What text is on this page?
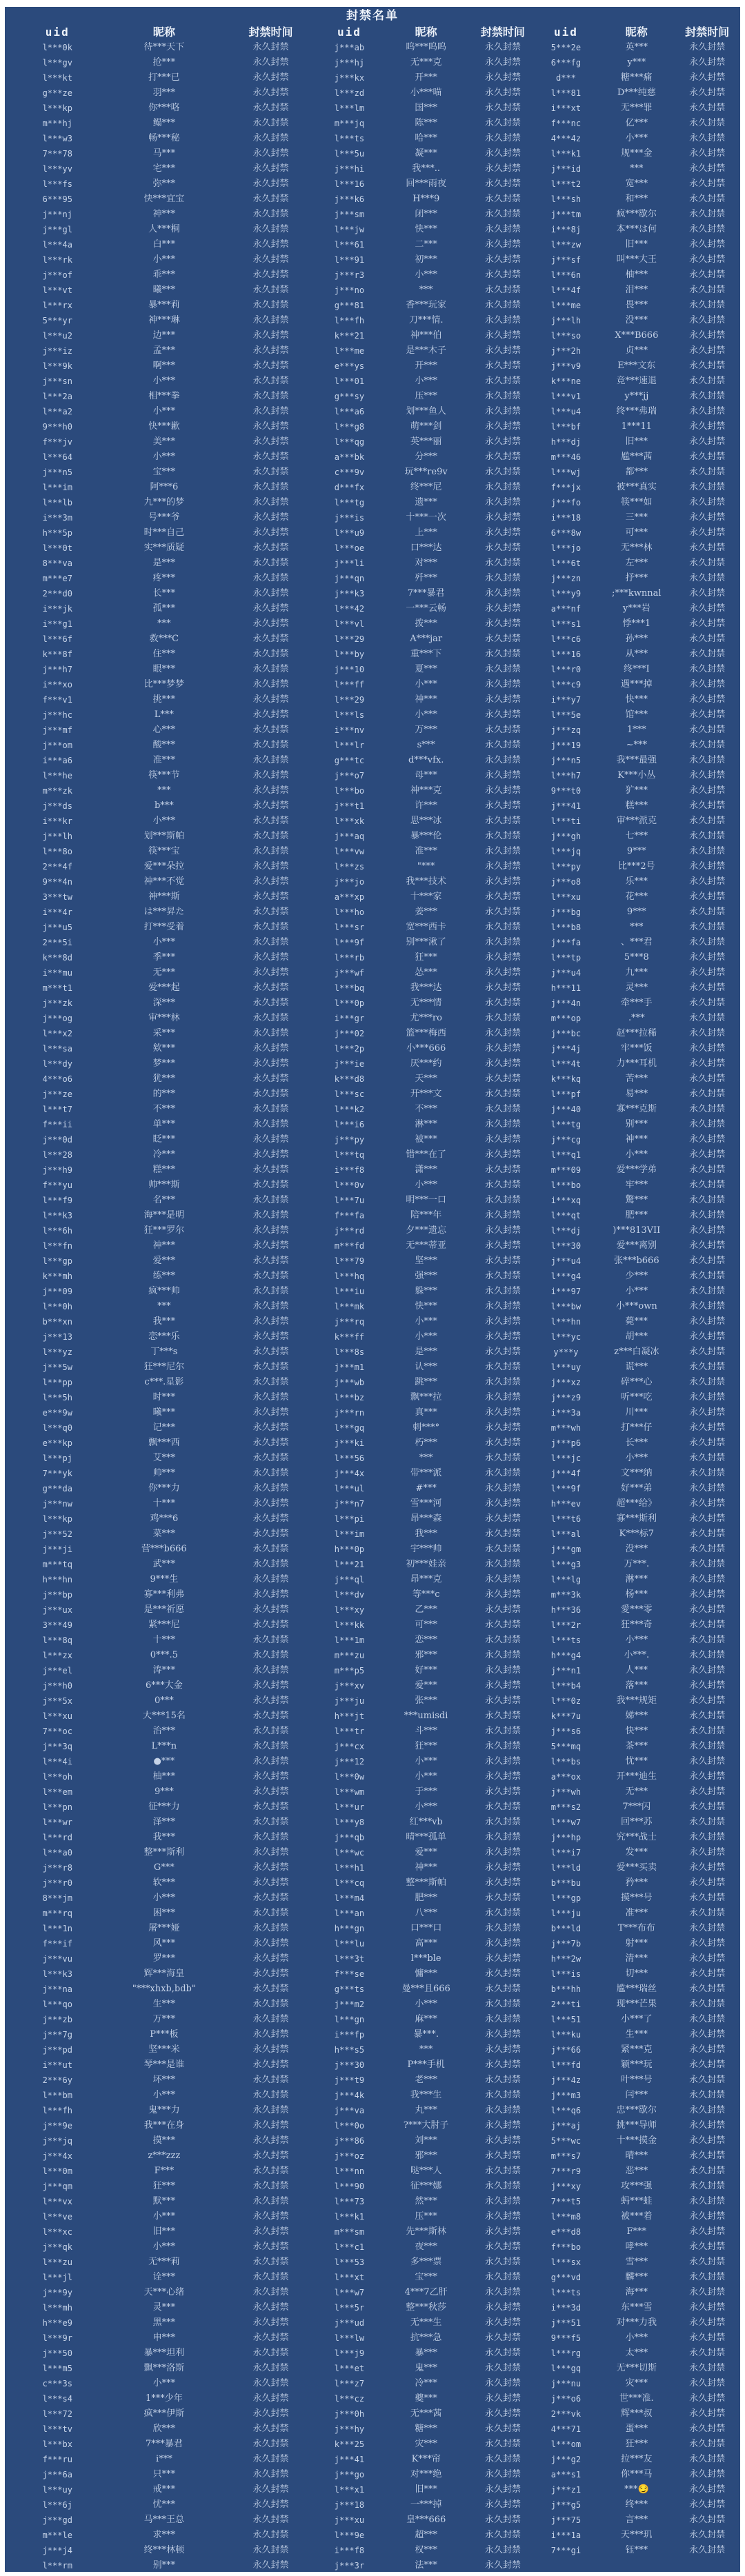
封禁名单
uid	昵称	封禁时间
l***0k	待***天下	永久封禁
l***gv	抢***	永久封禁
l***kt	打***已	永久封禁
g***ze	羽***	永久封禁
l***kp	你***咯	永久封禁
m***hj	鳎***	永久封禁
l***w3	畅***秘	永久封禁
7***78	马***	永久封禁
l***yv	宅***	永久封禁
l***fs	弥***	永久封禁
6***95	快***宜宝	永久封禁
j***nj	神***	永久封禁
j***gl	人***桐	永久封禁
l***4a	白***	永久封禁
l***rk	小***	永久封禁
j***of	乖***	永久封禁
l***vt	曦***	永久封禁
l***rx	暴***莉	永久封禁
5***yr	神***琳	永久封禁
l***u2	边***	永久封禁
j***iz	孟***	永久封禁
l***9k	啊***	永久封禁
j***sn	小***	永久封禁
l***2a	相***拳	永久封禁
l***a2	小***	永久封禁
9***h0	快***歉	永久封禁
f***jv	美***	永久封禁
l***64	小***	永久封禁
j***n5	宝***	永久封禁
l***im	阿***6	永久封禁
l***lb	九***的梦	永久封禁
i***3m	号***爷	永久封禁
h***5p	时***自己	永久封禁
l***0t	实***质疑	永久封禁
8***va	是***	永久封禁
m***e7	疼***	永久封禁
2***d0	长***	永久封禁
i***jk	孤***	永久封禁
i***g1	***	永久封禁
l***6f	救***C	永久封禁
k***8f	住***	永久封禁
j***h7	眼***	永久封禁
i***xo	比***梦梦	永久封禁
f***v1	挑***	永久封禁
j***hc	L***	永久封禁
j***mf	心***	永久封禁
j***om	酸***	永久封禁
i***a6	准***	永久封禁
l***he	筷***节	永久封禁
m***zk	***	永久封禁
j***ds	b***	永久封禁
i***kr	小***	永久封禁
j***lh	划***斯帕	永久封禁
l***8o	筷***宝	永久封禁
2***4f	爱***朵拉	永久封禁
9***4n	神***不觉	永久封禁
3***tw	神***斯	永久封禁
i***4r	は***昇た	永久封禁
j***u5	打***受着	永久封禁
2***5i	小***	永久封禁
k***8d	季***	永久封禁
i***mu	无***	永久封禁
m***t1	爱***起	永久封禁
j***zk	深***	永久封禁
j***og	审***林	永久封禁
l***x2	采***	永久封禁
l***sa	欸***	永久封禁
l***dy	梦***	永久封禁
4***o6	犹***	永久封禁
j***ze	的***	永久封禁
l***t7	不***	永久封禁
f***ii	单***	永久封禁
j***0d	眨***	永久封禁
l***28	冷***	永久封禁
j***h9	糕***	永久封禁
f***yu	帅***斯	永久封禁
l***f9	名***	永久封禁
l***k3	海***是明	永久封禁
l***6h	狂***罗尔	永久封禁
l***fn	神***	永久封禁
l***gp	爱***	永久封禁
k***mh	练***	永久封禁
j***09	疯***帅	永久封禁
l***0h	***	永久封禁
b***xn	我***	永久封禁
j***13	恋***乐	永久封禁
l***yz	丁***s	永久封禁
j***5w	狂***尼尔	永久封禁
l***pp	c***.星影	永久封禁
l***5h	时***	永久封禁
e***9w	曦***	永久封禁
l***q0	记***	永久封禁
e***kp	飘***西	永久封禁
l***pj	艾***	永久封禁
7***yk	帅***	永久封禁
g***da	你***力	永久封禁
j***nw	十***	永久封禁
l***kp	鸡***6	永久封禁
j***52	菜***	永久封禁
j***ji	营***b666	永久封禁
m***tq	武***	永久封禁
h***hn	9***生	永久封禁
j***bp	寡***利弗	永久封禁
j***ux	是***祈愿	永久封禁
3***49	紧***尼	永久封禁
l***8q	十***	永久封禁
l***zx	0***.5	永久封禁
j***el	涛***	永久封禁
j***h0	6***大金	永久封禁
j***5x	0***	永久封禁
l***xu	大***15名	永久封禁
7***oc	治***	永久封禁
j***3q	L***n	永久封禁
l***4i	●***	永久封禁
l***oh	柚***	永久封禁
l***em	9***	永久封禁
l***pn	征***力	永久封禁
l***wr	泽***	永久封禁
l***rd	我***	永久封禁
l***a0	整***斯利	永久封禁
j***r8	G***	永久封禁
j***r0	软***	永久封禁
8***jm	小***	永久封禁
m***rq	困***	永久封禁
l***1n	屠***娅	永久封禁
f***if	风***	永久封禁
j***vu	罗***	永久封禁
l***k3	辉***海皇	永久封禁
j***na	"***xhxb,bdb"	永久封禁
l***qo	生***	永久封禁
j***zb	万***	永久封禁
j***7g	P***板	永久封禁
j***pd	坚***米	永久封禁
i***ut	琴***是谁	永久封禁
2***6y	坏***	永久封禁
l***bm	小***	永久封禁
l***fh	鬼***力	永久封禁
j***9e	我***在身	永久封禁
j***jq	摸***	永久封禁
j***4x	z***zzz	永久封禁
l***0m	F***	永久封禁
j***qm	狂***	永久封禁
l***vx	默***	永久封禁
l***ve	小***	永久封禁
l***xc	旧***	永久封禁
j***qk	小***	永久封禁
l***zu	无***莉	永久封禁
l***jl	诠***	永久封禁
j***9y	天***心绪	永久封禁
l***mh	灵***	永久封禁
h***e9	黑***	永久封禁
l***9r	申***	永久封禁
j***50	暴***坦利	永久封禁
l***m5	飘***洛斯	永久封禁
c***3s	小***	永久封禁
l***s4	1***少年	永久封禁
l***72	疯***伊斯	永久封禁
l***tv	欣***	永久封禁
l***bx	7***暴君	永久封禁
f***ru	i***	永久封禁
j***6a	只***	永久封禁
l***uy	戒***	永久封禁
l***6j	忧***	永久封禁
j***gd	马***王总	永久封禁
m***le	求***	永久封禁
j***j4	终***林顿	永久封禁
l***rm	别***	永久封禁
uid	昵称	封禁时间
j***ab	呜***呜呜	永久封禁
j***hj	无***克	永久封禁
j***kx	开***	永久封禁
l***zd	小***喵	永久封禁
l***lm	国***	永久封禁
m***jq	陈***	永久封禁
l***ts	哈***	永久封禁
l***5u	凝***	永久封禁
j***hi	我***..	永久封禁
l***16	回***雨夜	永久封禁
j***k6	H***9	永久封禁
j***sm	闭***	永久封禁
l***jw	快***	永久封禁
l***61	二***	永久封禁
l***91	初***	永久封禁
j***r3	小***	永久封禁
j***no	***	永久封禁
g***81	香***玩家	永久封禁
l***fh	刀***情.	永久封禁
k***21	神***伯	永久封禁
l***me	是***木子	永久封禁
e***ys	开***	永久封禁
l***01	小***	永久封禁
g***sy	压***	永久封禁
l***a6	划***鱼人	永久封禁
l***g8	萌***剑	永久封禁
l***qg	英***丽	永久封禁
a***bk	分***	永久封禁
c***9v	玩***re9v	永久封禁
d***fx	终***尼	永久封禁
l***tg	遗***	永久封禁
j***is	十***一次	永久封禁
l***u9	上***	永久封禁
l***oe	口***达	永久封禁
j***li	对***	永久封禁
j***qn	歼***	永久封禁
j***k3	7***暴君	永久封禁
l***42	一***云畅	永久封禁
l***vl	拨***	永久封禁
l***29	A***jar	永久封禁
l***by	重***下	永久封禁
j***10	夏***	永久封禁
l***ff	小***	永久封禁
l***29	神***	永久封禁
l***ls	小***	永久封禁
i***nv	万***	永久封禁
l***lr	s***	永久封禁
g***tc	d***vfx.	永久封禁
j***o7	母***	永久封禁
l***bo	神***克	永久封禁
j***t1	许***	永久封禁
l***xk	思***冰	永久封禁
j***aq	暴***伦	永久封禁
l***vw	准***	永久封禁
l***zs	"***	永久封禁
j***jo	我***技术	永久封禁
a***xp	十***家	永久封禁
l***ho	姜***	永久封禁
l***sr	宽***西卡	永久封禁
l***9f	别***湫了	永久封禁
l***rb	狂***	永久封禁
j***wf	怂***	永久封禁
l***bq	我***达	永久封禁
l***0p	无***情	永久封禁
i***gr	尤***ro	永久封禁
j***02	篮***梅西	永久封禁
l***2p	小***666	永久封禁
j***ie	厌***约	永久封禁
k***d8	天***	永久封禁
l***sc	开***文	永久封禁
l***k2	不***	永久封禁
l***i6	淋***	永久封禁
j***py	被***	永久封禁
l***tq	错***在了	永久封禁
i***f8	潇***	永久封禁
l***0v	小***	永久封禁
l***7u	明***一口	永久封禁
f***fa	陪***年	永久封禁
j***rd	夕***遗忘	永久封禁
m***fd	无***蒂亚	永久封禁
l***79	坚***	永久封禁
l***hq	强***	永久封禁
l***iu	躲***	永久封禁
l***mk	快***	永久封禁
j***rq	小***	永久封禁
k***ff	小***	永久封禁
l***8s	是***	永久封禁
j***m1	认***	永久封禁
j***wb	跳***	永久封禁
l***bz	飘***拉	永久封禁
j***rn	真***	永久封禁
l***gq	刺***°	永久封禁
j***ki	朽***	永久封禁
l***56	***	永久封禁
j***4x	带***派	永久封禁
l***ul	#***	永久封禁
j***n7	雪***河	永久封禁
l***pi	昂***森	永久封禁
l***im	我***	永久封禁
h***0p	宇***帅	永久封禁
l***21	初***娃亲	永久封禁
j***ql	昂***克	永久封禁
l***dv	等***c	永久封禁
l***xy	乙***	永久封禁
l***kk	可***	永久封禁
l***1m	恋***	永久封禁
m***zu	邪***	永久封禁
m***p5	好***	永久封禁
j***xv	爱***	永久封禁
j***ju	张***	永久封禁
h***jt	***umisdi	永久封禁
l***tr	斗***	永久封禁
j***cx	狂***	永久封禁
j***12	小***	永久封禁
l***0w	小***	永久封禁
l***wm	于***	永久封禁
l***ur	小***	永久封禁
l***y8	红***vb	永久封禁
j***qb	晴***孤单	永久封禁
l***wc	爱***	永久封禁
l***h1	神***	永久封禁
l***cq	整***斯帕	永久封禁
l***m4	肥***	永久封禁
l***an	八***	永久封禁
h***gn	口***口	永久封禁
l***lu	高***	永久封禁
l***3t	l***ble	永久封禁
f***se	慵***	永久封禁
g***ts	曼***且666	永久封禁
j***m2	小***	永久封禁
l***gn	麻***	永久封禁
i***fp	暴***.	永久封禁
h***s5	***	永久封禁
j***30	P***手机	永久封禁
j***t9	老***	永久封禁
j***4k	我***生	永久封禁
j***va	丸***	永久封禁
l***0o	?***大肘子	永久封禁
j***86	刘***	永久封禁
j***oz	邪***	永久封禁
l***nn	哒***人	永久封禁
l***90	征***娜	永久封禁
l***73	然***	永久封禁
l***k1	压***	永久封禁
m***sm	先***斯林	永久封禁
l***c1	夜***	永久封禁
l***53	多***票	永久封禁
l***xt	宝***	永久封禁
l***w7	4***7乙肝	永久封禁
l***5r	整***秋莎	永久封禁
j***ud	无***生	永久封禁
l***lw	抗***急	永久封禁
l***j9	暴***	永久封禁
l***et	鬼***	永久封禁
l***z7	冷***	永久封禁
l***cz	夔***	永久封禁
j***0h	无***茜	永久封禁
j***hy	糖***	永久封禁
k***25	灾***	永久封禁
j***41	K***帘	永久封禁
j***go	对***绝	永久封禁
l***x1	旧***	永久封禁
j***18	一***掉	永久封禁
j***xu	皇***666	永久封禁
l***9e	超***	永久封禁
i***f8	权***	永久封禁
j***3r	法***	永久封禁
uid	昵称	封禁时间
5***2e	英***	永久封禁
6***fg	y***	永久封禁
d***	糖***痛	永久封禁
l***81	D***纯慈	永久封禁
i***xt	无***罪	永久封禁
f***nc	亿***	永久封禁
4***4z	小***	永久封禁
l***k1	规***金	永久封禁
j***id	***	永久封禁
l***t2	宽***	永久封禁
l***sh	和***	永久封禁
j***tm	疯***歇尔	永久封禁
i***8j	本***は何	永久封禁
l***zw	旧***	永久封禁
j***sf	叫***大王	永久封禁
l***6n	柚***	永久封禁
l***4f	泪***	永久封禁
l***me	畏***	永久封禁
j***lh	没***	永久封禁
l***so	X***B666	永久封禁
j***2h	贞***	永久封禁
j***v9	E***文东	永久封禁
k***ne	竞***速退	永久封禁
l***v1	y***jj	永久封禁
l***u4	终***弗瑞	永久封禁
l***bf	1***11	永久封禁
h***dj	旧***	永久封禁
m***46	尴***茜	永久封禁
l***wj	都***	永久封禁
f***jx	被***真实	永久封禁
j***fo	筷***如	永久封禁
i***18	三***	永久封禁
6***8w	可***	永久封禁
l***jo	无***林	永久封禁
l***6t	左***	永久封禁
j***zn	抒***	永久封禁
l***y9	;***kwnnal	永久封禁
a***nf	y***岩	永久封禁
l***s1	悸***1	永久封禁
l***c6	孙***	永久封禁
l***16	从***	永久封禁
l***r0	终***I	永久封禁
l***c9	遇***掉	永久封禁
i***y7	快***	永久封禁
l***5e	馆***	永久封禁
j***zq	1***	永久封禁
j***19	~***	永久封禁
j***n5	我***最强	永久封禁
l***h7	K***小丛	永久封禁
9***t0	犷***	永久封禁
j***41	糕***	永久封禁
l***ti	审***派克	永久封禁
j***gh	七***	永久封禁
l***jq	9***	永久封禁
l***py	比***2号	永久封禁
j***o8	乐***	永久封禁
l***xu	花***	永久封禁
j***bg	9***	永久封禁
l***b8	***	永久封禁
j***fa	、***君	永久封禁
l***tp	5***8	永久封禁
j***u4	九***	永久封禁
h***11	灵***	永久封禁
j***4n	牵***手	永久封禁
m***op	.***	永久封禁
j***bc	赵***拉稀	永久封禁
j***4j	牢***饭	永久封禁
l***4t	力***耳机	永久封禁
k***kq	苦***	永久封禁
l***pf	易***	永久封禁
j***40	寡***克斯	永久封禁
l***tg	别***	永久封禁
j***cg	神***	永久封禁
l***q1	小***	永久封禁
m***09	爱***学弟	永久封禁
l***bo	牢***	永久封禁
i***xq	驚***	永久封禁
l***qt	肥***	永久封禁
l***dj	)***813VII	永久封禁
l***30	爱***离别	永久封禁
j***u4	张***b666	永久封禁
l***g4	少***	永久封禁
i***97	小***	永久封禁
l***bw	小***own	永久封禁
l***hn	薨***	永久封禁
l***yc	胡***	永久封禁
y***y	z***白凝冰	永久封禁
l***uy	谎***	永久封禁
j***xz	碎***心	永久封禁
j***z9	听***吃	永久封禁
i***3a	川***	永久封禁
m***wh	打***仔	永久封禁
j***p6	长***	永久封禁
l***jc	小***	永久封禁
j***4f	文***纳	永久封禁
l***9f	好***弟	永久封禁
h***ev	超***给》	永久封禁
l***t6	寡***斯利	永久封禁
l***al	K***标7	永久封禁
j***gm	没***	永久封禁
l***g3	万***.	永久封禁
l***lg	淋***	永久封禁
m***3k	杨***	永久封禁
h***36	愛***零	永久封禁
l***2r	狂***奇	永久封禁
l***ts	小***	永久封禁
h***g4	小***.	永久封禁
j***n1	人***	永久封禁
l***b4	落***	永久封禁
l***0z	我***规矩	永久封禁
k***7u	娣***	永久封禁
j***s6	快***	永久封禁
5***mq	茶***	永久封禁
l***bs	忧***	永久封禁
a***ox	开***迪生	永久封禁
j***wh	无***	永久封禁
m***s2	7***闪	永久封禁
l***w7	回***苏	永久封禁
j***hp	究***战士	永久封禁
l***i7	发***	永久封禁
l***ld	爱***买卖	永久封禁
b***bu	矜***	永久封禁
l***gp	摸***号	永久封禁
l***ju	准***	永久封禁
b***ld	T***布布	永久封禁
j***7b	射***	永久封禁
h***2w	清***	永久封禁
l***is	切***	永久封禁
b***hh	尴***瑞丝	永久封禁
2***ti	现***芒果	永久封禁
l***51	小***了	永久封禁
l***ku	生***	永久封禁
j***66	紧***克	永久封禁
l***fd	颖***玩	永久封禁
j***4z	叶***号	永久封禁
j***m3	闫***	永久封禁
l***q6	忠***歇尔	永久封禁
j***aj	挑***导师	永久封禁
5***wc	十***摸金	永久封禁
m***s7	晴***	永久封禁
7***r9	恶***	永久封禁
j***xy	攻***强	永久封禁
7***t5	蚂***蛙	永久封禁
l***m8	被***着	永久封禁
e***d8	F***	永久封禁
f***bo	哮***	永久封禁
l***sx	雪***	永久封禁
g***vd	麟***	永久封禁
l***ts	海***	永久封禁
i***3d	东***雪	永久封禁
j***51	对***力我	永久封禁
9***f5	小***	永久封禁
l***rg	太***	永久封禁
l***gq	无***切斯	永久封禁
j***nu	灾***	永久封禁
j***o6	世***准.	永久封禁
2***vk	辉***叔	永久封禁
4***71	蛋***	永久封禁
l***om	狂***	永久封禁
j***g2	拉***友	永久封禁
a***s1	你***马	永久封禁
j***z1	***😏	永久封禁
j***g5	终***	永久封禁
j***75	言***	永久封禁
i***1a	天***玑	永久封禁
7***gi	钰***	永久封禁
